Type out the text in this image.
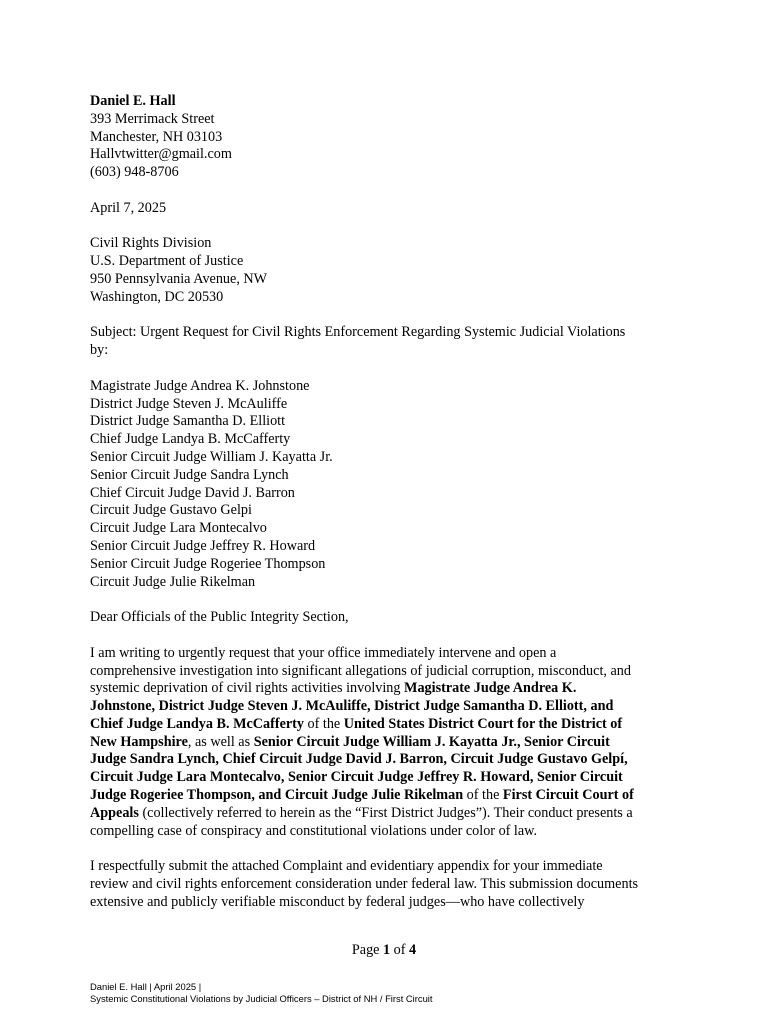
Daniel E. Hall
393 Merrimack Street
Manchester, NH 03103
Hallvtwitter@gmail.com
(603) 948-8706
April 7, 2025
Civil Rights Division
U.S. Department of Justice
950 Pennsylvania Avenue, NW
Washington, DC 20530
Subject: Urgent Request for Civil Rights Enforcement Regarding Systemic Judicial Violations
by:
Magistrate Judge Andrea K. Johnstone
District Judge Steven J. McAuliffe
District Judge Samantha D. Elliott
Chief Judge Landya B. McCafferty
Senior Circuit Judge William J. Kayatta Jr.
Senior Circuit Judge Sandra Lynch
Chief Circuit Judge David J. Barron
Circuit Judge Gustavo Gelpi
Circuit Judge Lara Montecalvo
Senior Circuit Judge Jeffrey R. Howard
Senior Circuit Judge Rogeriee Thompson
Circuit Judge Julie Rikelman
Dear Officials of the Public Integrity Section,
I am writing to urgently request that your office immediately intervene and open a
comprehensive investigation into significant allegations of judicial corruption, misconduct, and
systemic deprivation of civil rights activities involving Magistrate Judge Andrea K.
Johnstone, District Judge Steven J. McAuliffe, District Judge Samantha D. Elliott, and
Chief Judge Landya B. McCafferty of the United States District Court for the District of
New Hampshire, as well as Senior Circuit Judge William J. Kayatta Jr., Senior Circuit
Judge Sandra Lynch, Chief Circuit Judge David J. Barron, Circuit Judge Gustavo Gelpí,
Circuit Judge Lara Montecalvo, Senior Circuit Judge Jeffrey R. Howard, Senior Circuit
Judge Rogeriee Thompson, and Circuit Judge Julie Rikelman of the First Circuit Court of
Appeals (collectively referred to herein as the “First District Judges”). Their conduct presents a
compelling case of conspiracy and constitutional violations under color of law.
I respectfully submit the attached Complaint and evidentiary appendix for your immediate
review and civil rights enforcement consideration under federal law. This submission documents
extensive and publicly verifiable misconduct by federal judges—who have collectively
Page 1 of 4
Daniel E. Hall | April 2025 |
Systemic Constitutional Violations by Judicial Officers – District of NH / First Circuit
